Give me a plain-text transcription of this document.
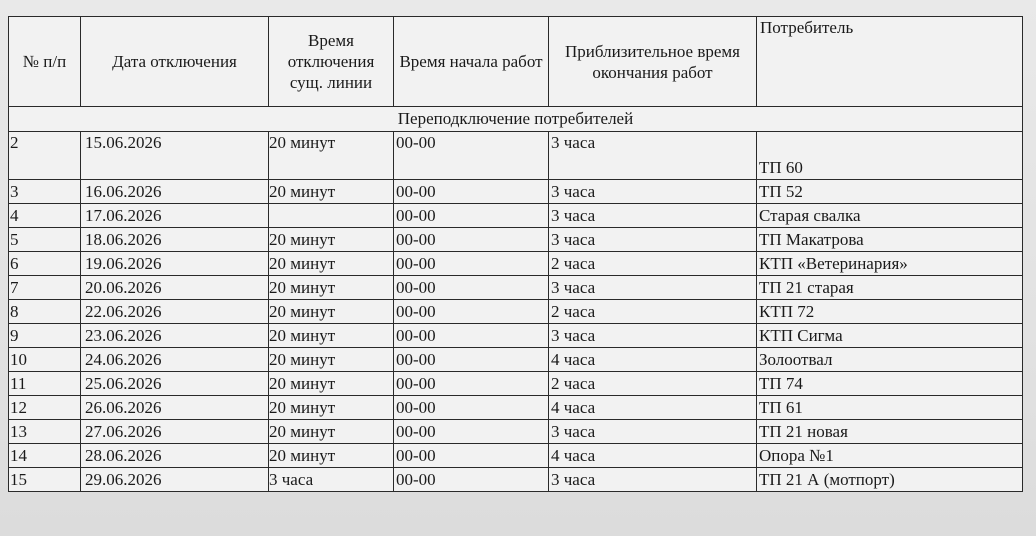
№ п/п	Дата отключения	Время отключения сущ. линии	Время начала работ	Приблизительное время окончания работ	Потребитель
Переподключение потребителей					
2	15.06.2026	20 минут	00-00	3 часа	ТП 60
3	16.06.2026	20 минут	00-00	3 часа	ТП 52
4	17.06.2026		00-00	3 часа	Старая свалка
5	18.06.2026	20 минут	00-00	3 часа	ТП Макатрова
6	19.06.2026	20 минут	00-00	2 часа	КТП «Ветеринария»
7	20.06.2026	20 минут	00-00	3 часа	ТП 21 старая
8	22.06.2026	20 минут	00-00	2 часа	КТП 72
9	23.06.2026	20 минут	00-00	3 часа	КТП Сигма
10	24.06.2026	20 минут	00-00	4 часа	Золоотвал
11	25.06.2026	20 минут	00-00	2 часа	ТП 74
12	26.06.2026	20 минут	00-00	4 часа	ТП 61
13	27.06.2026	20 минут	00-00	3 часа	ТП 21 новая
14	28.06.2026	20 минут	00-00	4 часа	Опора №1
15	29.06.2026	3 часа	00-00	3 часа	ТП 21 А (мотпорт)
